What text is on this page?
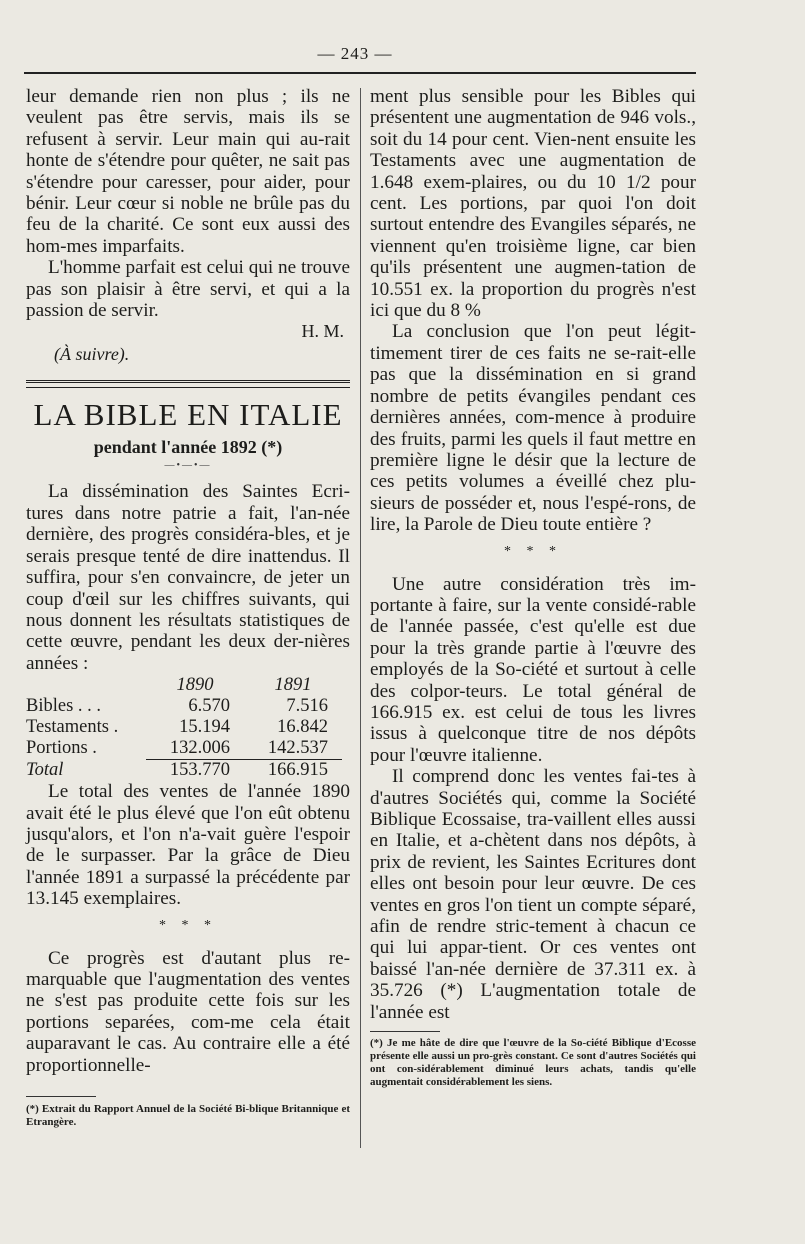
— 243 —

leur demande rien non plus ; ils ne veulent pas être servis, mais ils se refusent à servir. Leur main qui au-rait honte de s'étendre pour quêter, ne sait pas s'étendre pour caresser, pour aider, pour bénir. Leur cœur si noble ne brûle pas du feu de la charité. Ce sont eux aussi des hom-mes imparfaits.

L'homme parfait est celui qui ne trouve pas son plaisir à être servi, et qui a la passion de servir.

H. M.
(À suivre).
LA BIBLE EN ITALIE
pendant l'année 1892 (*)
—•—•—

La dissémination des Saintes Ecri-tures dans notre patrie a fait, l'an-née dernière, des progrès considéra-bles, et je serais presque tenté de dire inattendus. Il suffira, pour s'en convaincre, de jeter un coup d'œil sur les chiffres suivants, qui nous donnent les résultats statistiques de cette œuvre, pendant les deux der-nières années :

	1890	1891
Bibles . . .	6.570	7.516
Testaments .	15.194	16.842
Portions .	132.006	142.537
Total	153.770	166.915

Le total des ventes de l'année 1890 avait été le plus élevé que l'on eût obtenu jusqu'alors, et l'on n'a-vait guère l'espoir de le surpasser. Par la grâce de Dieu l'année 1891 a surpassé la précédente par 13.145 exemplaires.

* * *

Ce progrès est d'autant plus re-marquable que l'augmentation des ventes ne s'est pas produite cette fois sur les portions separées, com-me cela était auparavant le cas. Au contraire elle a été proportionnelle-

(*) Extrait du Rapport Annuel de la Société Bi-blique Britannique et Etrangère.

ment plus sensible pour les Bibles qui présentent une augmentation de 946 vols., soit du 14 pour cent. Vien-nent ensuite les Testaments avec une augmentation de 1.648 exem-plaires, ou du 10 1/2 pour cent. Les portions, par quoi l'on doit surtout entendre des Evangiles séparés, ne viennent qu'en troisième ligne, car bien qu'ils présentent une augmen-tation de 10.551 ex. la proportion du progrès n'est ici que du 8 %

La conclusion que l'on peut légit-timement tirer de ces faits ne se-rait-elle pas que la dissémination en si grand nombre de petits évangiles pendant ces dernières années, com-mence à produire des fruits, parmi les quels il faut mettre en première ligne le désir que la lecture de ces petits volumes a éveillé chez plu-sieurs de posséder et, nous l'espé-rons, de lire, la Parole de Dieu toute entière ?

* * *

Une autre considération très im-portante à faire, sur la vente considé-rable de l'année passée, c'est qu'elle est due pour la très grande partie à l'œuvre des employés de la So-ciété et surtout à celle des colpor-teurs. Le total général de 166.915 ex. est celui de tous les livres issus à quelconque titre de nos dépôts pour l'œuvre italienne.

Il comprend donc les ventes fai-tes à d'autres Sociétés qui, comme la Société Biblique Ecossaise, tra-vaillent elles aussi en Italie, et a-chètent dans nos dépôts, à prix de revient, les Saintes Ecritures dont elles ont besoin pour leur œuvre. De ces ventes en gros l'on tient un compte séparé, afin de rendre stric-tement à chacun ce qui lui appar-tient. Or ces ventes ont baissé l'an-née dernière de 37.311 ex. à 35.726 (*) L'augmentation totale de l'année est

(*) Je me hâte de dire que l'œuvre de la So-ciété Biblique d'Ecosse présente elle aussi un pro-grès constant. Ce sont d'autres Sociétés qui ont con-sidérablement diminué leurs achats, tandis qu'elle augmentait considérablement les siens.
